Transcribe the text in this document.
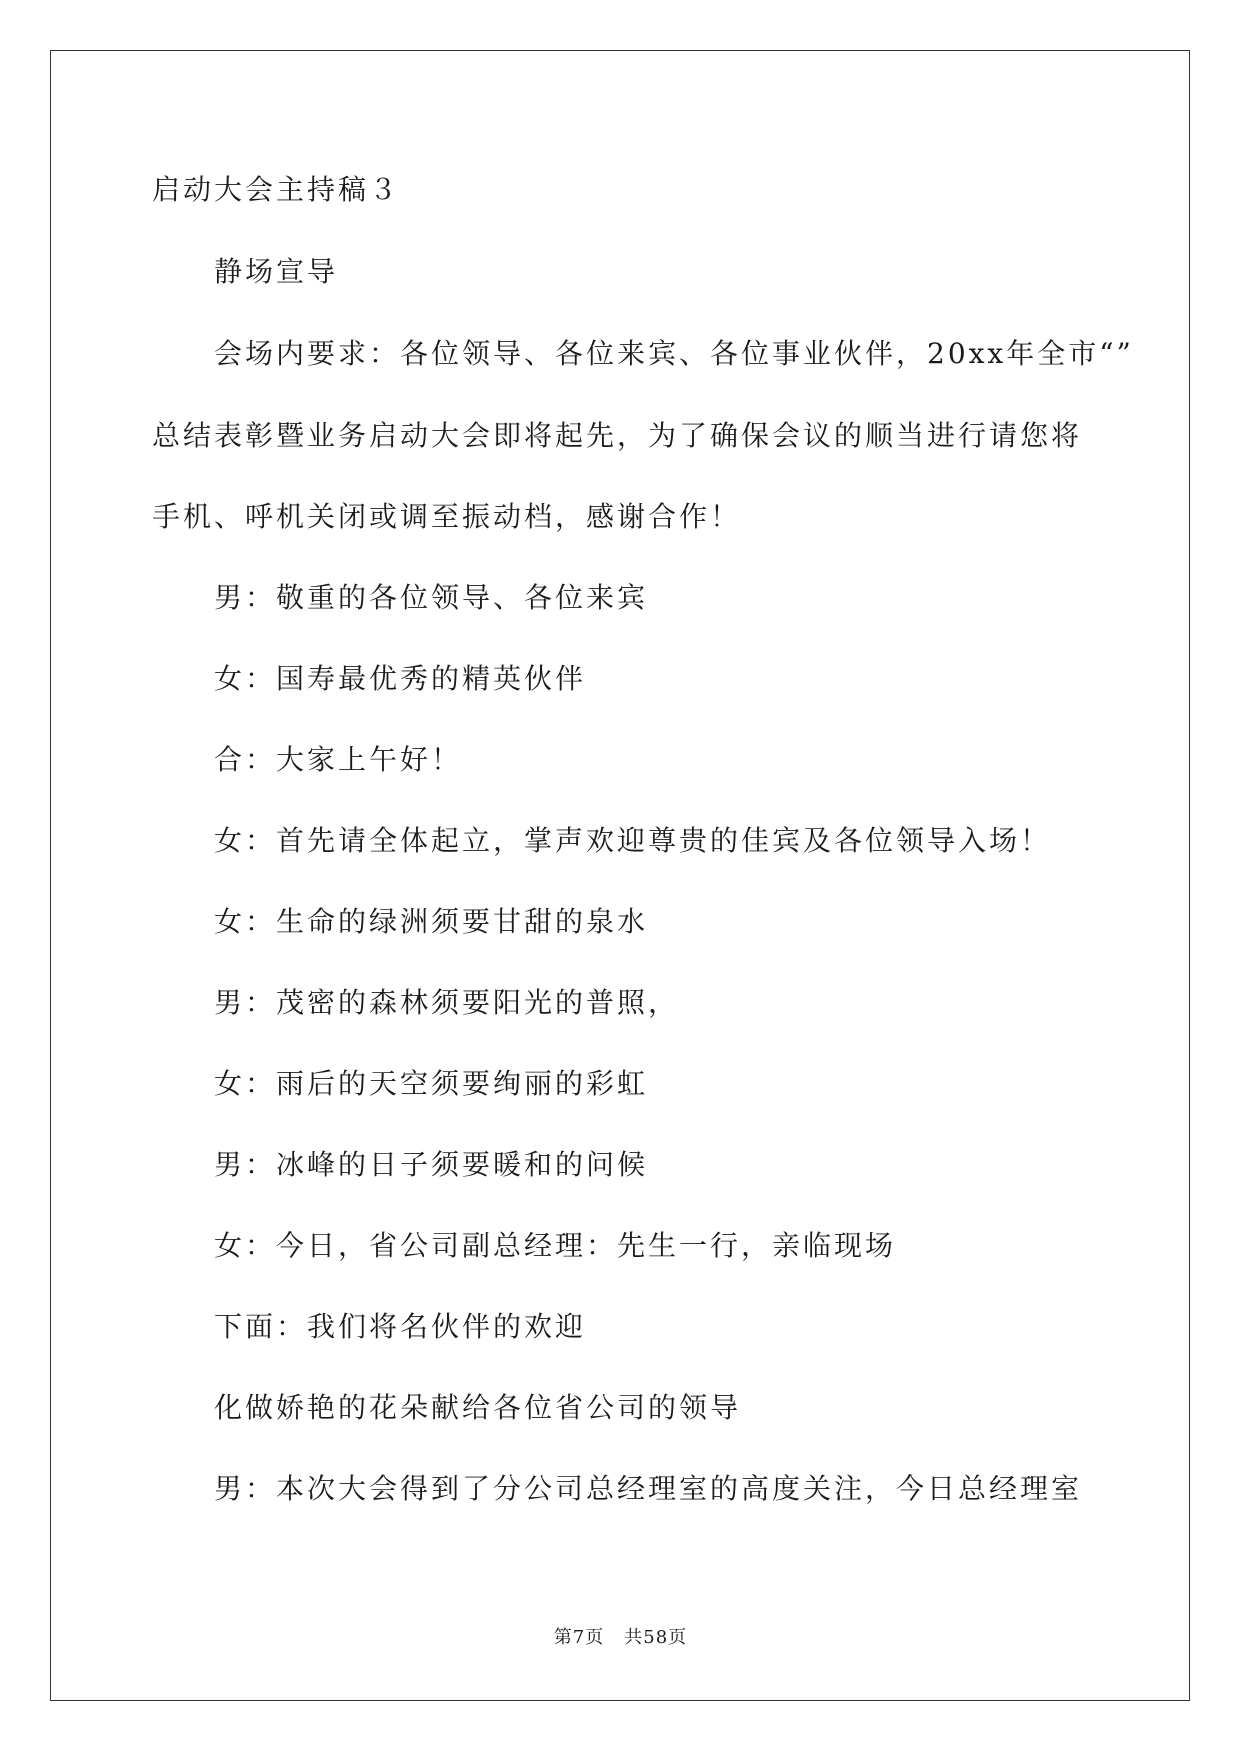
启动大会主持稿３
静场宣导
会场内要求：各位领导、各位来宾、各位事业伙伴，20xx年全市“”
总结表彰暨业务启动大会即将起先，为了确保会议的顺当进行请您将
手机、呼机关闭或调至振动档，感谢合作！
男：敬重的各位领导、各位来宾
女：国寿最优秀的精英伙伴
合：大家上午好！
女：首先请全体起立，掌声欢迎尊贵的佳宾及各位领导入场！
女：生命的绿洲须要甘甜的泉水
男：茂密的森林须要阳光的普照，
女：雨后的天空须要绚丽的彩虹
男：冰峰的日子须要暖和的问候
女：今日，省公司副总经理：先生一行，亲临现场
下面：我们将名伙伴的欢迎
化做娇艳的花朵献给各位省公司的领导
男：本次大会得到了分公司总经理室的高度关注，今日总经理室
第7页 共58页
